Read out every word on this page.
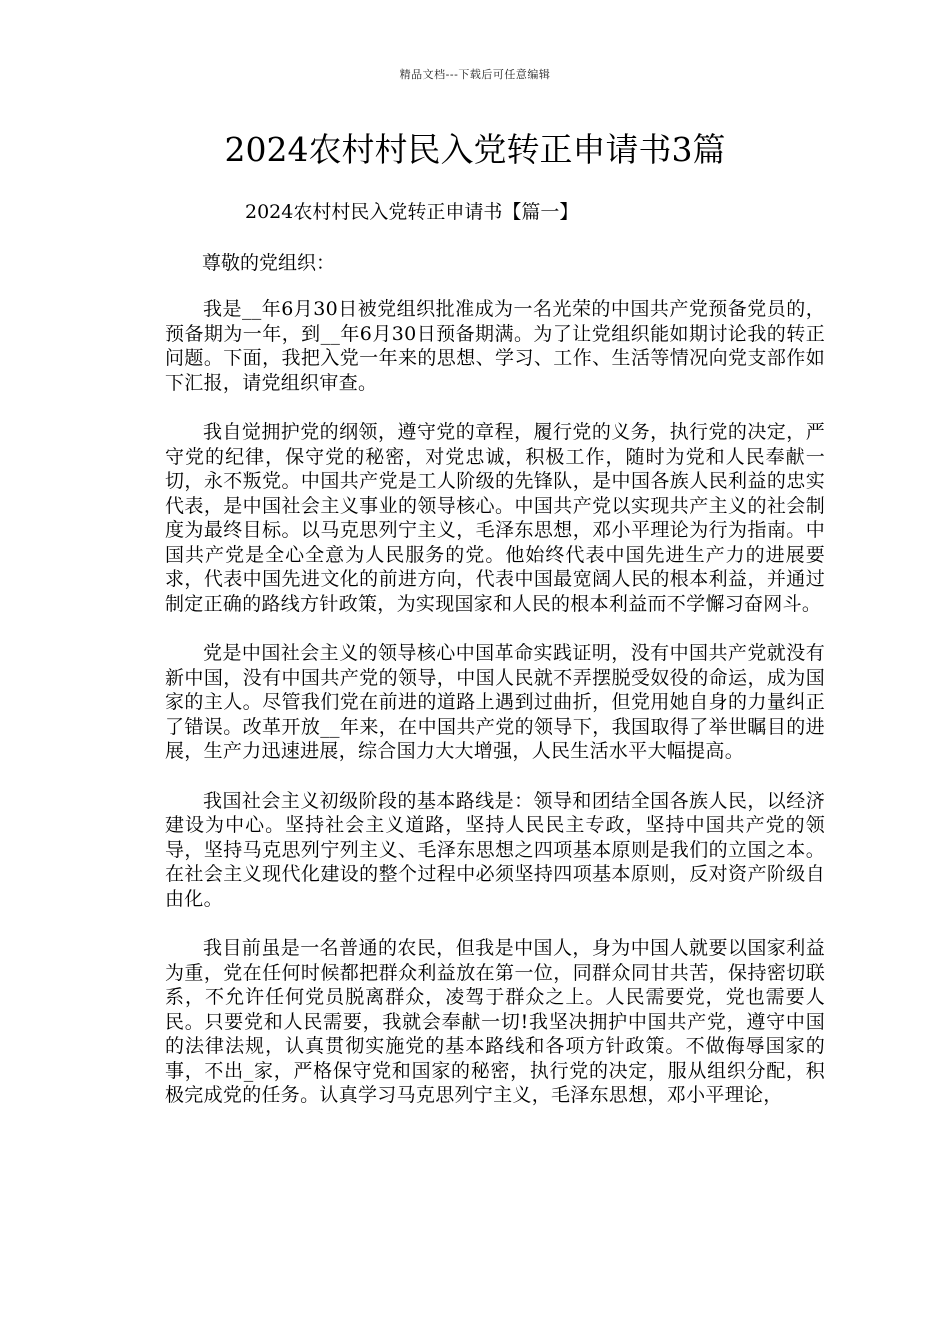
精品文档---下载后可任意编辑
2024农村村民入党转正申请书3篇
2024农村村民入党转正申请书【篇一】
尊敬的党组织：

我是__年6月30日被党组织批准成为一名光荣的中国共产党预备党员的，预备期为一年，到__年6月30日预备期满。为了让党组织能如期讨论我的转正问题。下面，我把入党一年来的思想、学习、工作、生活等情况向党支部作如下汇报，请党组织审查。

我自觉拥护党的纲领，遵守党的章程，履行党的义务，执行党的决定，严守党的纪律，保守党的秘密，对党忠诚，积极工作，随时为党和人民奉献一切，永不叛党。中国共产党是工人阶级的先锋队，是中国各族人民利益的忠实代表，是中国社会主义事业的领导核心。中国共产党以实现共产主义的社会制度为最终目标。以马克思列宁主义，毛泽东思想，邓小平理论为行为指南。中国共产党是全心全意为人民服务的党。他始终代表中国先进生产力的进展要求，代表中国先进文化的前进方向，代表中国最宽阔人民的根本利益，并通过制定正确的路线方针政策，为实现国家和人民的根本利益而不学懈习奋网斗。

党是中国社会主义的领导核心中国革命实践证明，没有中国共产党就没有新中国，没有中国共产党的领导，中国人民就不弄摆脱受奴役的命运，成为国家的主人。尽管我们党在前进的道路上遇到过曲折，但党用她自身的力量纠正了错误。改革开放__年来，在中国共产党的领导下，我国取得了举世瞩目的进展，生产力迅速进展，综合国力大大增强，人民生活水平大幅提高。

我国社会主义初级阶段的基本路线是：领导和团结全国各族人民，以经济建设为中心。坚持社会主义道路，坚持人民民主专政，坚持中国共产党的领导，坚持马克思列宁列主义、毛泽东思想之四项基本原则是我们的立国之本。在社会主义现代化建设的整个过程中必须坚持四项基本原则，反对资产阶级自由化。

我目前虽是一名普通的农民，但我是中国人，身为中国人就要以国家利益为重，党在任何时候都把群众利益放在第一位，同群众同甘共苦，保持密切联系，不允许任何党员脱离群众，凌驾于群众之上。人民需要党，党也需要人民。只要党和人民需要，我就会奉献一切!我坚决拥护中国共产党，遵守中国的法律法规，认真贯彻实施党的基本路线和各项方针政策。不做侮辱国家的事，不出_家，严格保守党和国家的秘密，执行党的决定，服从组织分配，积极完成党的任务。认真学习马克思列宁主义，毛泽东思想，邓小平理论，
